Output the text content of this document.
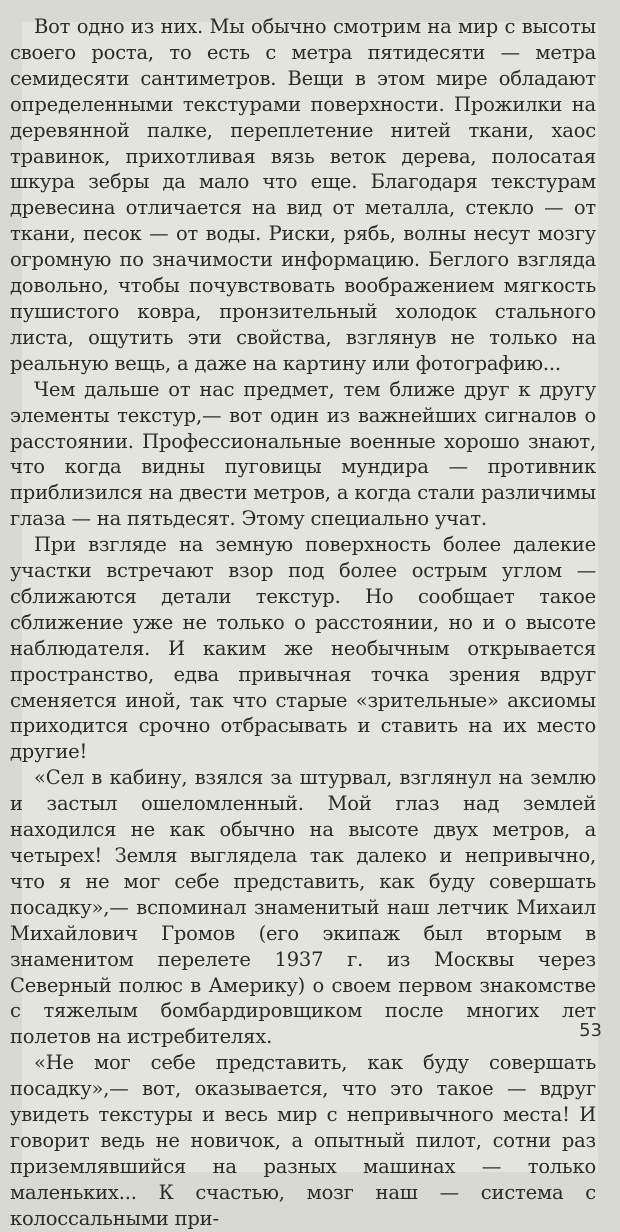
Вот одно из них. Мы обычно смотрим на мир с высоты своего роста, то есть с метра пятидесяти — метра семидесяти сантиметров. Вещи в этом мире обладают определенными текстурами поверхности. Прожилки на деревянной палке, переплетение нитей ткани, хаос травинок, прихотливая вязь веток дерева, полосатая шкура зебры да мало что еще. Благодаря текстурам древесина отличается на вид от металла, стекло — от ткани, песок — от воды. Риски, рябь, волны несут мозгу огромную по значимости информацию. Беглого взгляда довольно, чтобы почувствовать воображением мягкость пушистого ковра, пронзительный холодок стального листа, ощутить эти свойства, взглянув не только на реальную вещь, а даже на картину или фотографию...

Чем дальше от нас предмет, тем ближе друг к другу элементы текстур,— вот один из важнейших сигналов о расстоянии. Профессиональные военные хорошо знают, что когда видны пуговицы мундира — противник приблизился на двести метров, а когда стали различимы глаза — на пятьдесят. Этому специально учат.

При взгляде на земную поверхность более далекие участки встречают взор под более острым углом — сближаются детали текстур. Но сообщает такое сближение уже не только о расстоянии, но и о высоте наблюдателя. И каким же необычным открывается пространство, едва привычная точка зрения вдруг сменяется иной, так что старые «зрительные» аксиомы приходится срочно отбрасывать и ставить на их место другие!

«Сел в кабину, взялся за штурвал, взглянул на землю и застыл ошеломленный. Мой глаз над землей находился не как обычно на высоте двух метров, а четырех! Земля выглядела так далеко и непривычно, что я не мог себе представить, как буду совершать посадку»,— вспоминал знаменитый наш летчик Михаил Михайлович Громов (его экипаж был вторым в знаменитом перелете 1937 г. из Москвы через Северный полюс в Америку) о своем первом знакомстве с тяжелым бомбардировщиком после многих лет полетов на истребителях.

«Не мог себе представить, как буду совершать посадку»,— вот, оказывается, что это такое — вдруг увидеть текстуры и весь мир с непривычного места! И говорит ведь не новичок, а опытный пилот, сотни раз приземлявшийся на разных машинах — только маленьких... К счастью, мозг наш — система с колоссальными при-

53
